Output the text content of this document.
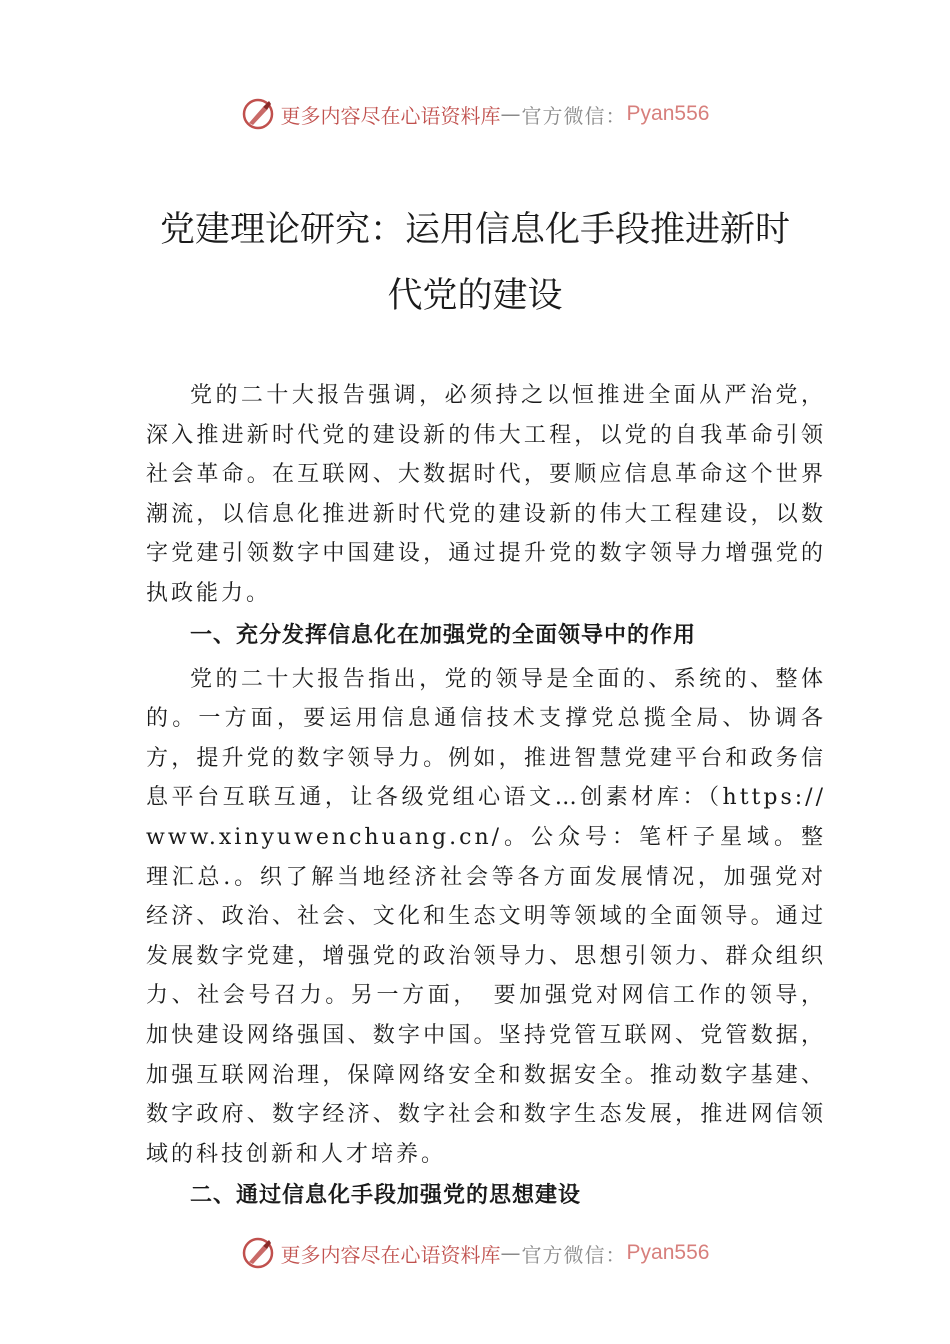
更多内容尽在心语资料库 — 官方微信： Pyan556
党建理论研究：运用信息化手段推进新时
代党的建设

党的二十大报告强调，必须持之以恒推进全面从严治党，深入推进新时代党的建设新的伟大工程，以党的自我革命引领社会革命。在互联网、大数据时代，要顺应信息革命这个世界潮流，以信息化推进新时代党的建设新的伟大工程建设，以数字党建引领数字中国建设，通过提升党的数字领导力增强党的执政能力。

一、充分发挥信息化在加强党的全面领导中的作用

党的二十大报告指出，党的领导是全面的、系统的、整体的。一方面，要运用信息通信技术支撑党总揽全局、协调各方，提升党的数字领导力。例如，推进智慧党建平台和政务信息平台互联互通，让各级党组心语文…创素材库：（https://www.xinyuwenchuang.cn/。公众号：笔杆子星域。整理汇总.。织了解当地经济社会等各方面发展情况，加强党对经济、政治、社会、文化和生态文明等领域的全面领导。通过发展数字党建，增强党的政治领导力、思想引领力、群众组织力、社会号召力。另一方面，　要加强党对网信工作的领导，加快建设网络强国、数字中国。坚持党管互联网、党管数据，加强互联网治理，保障网络安全和数据安全。推动数字基建、数字政府、数字经济、数字社会和数字生态发展，推进网信领域的科技创新和人才培养。

二、通过信息化手段加强党的思想建设
更多内容尽在心语资料库 — 官方微信： Pyan556
